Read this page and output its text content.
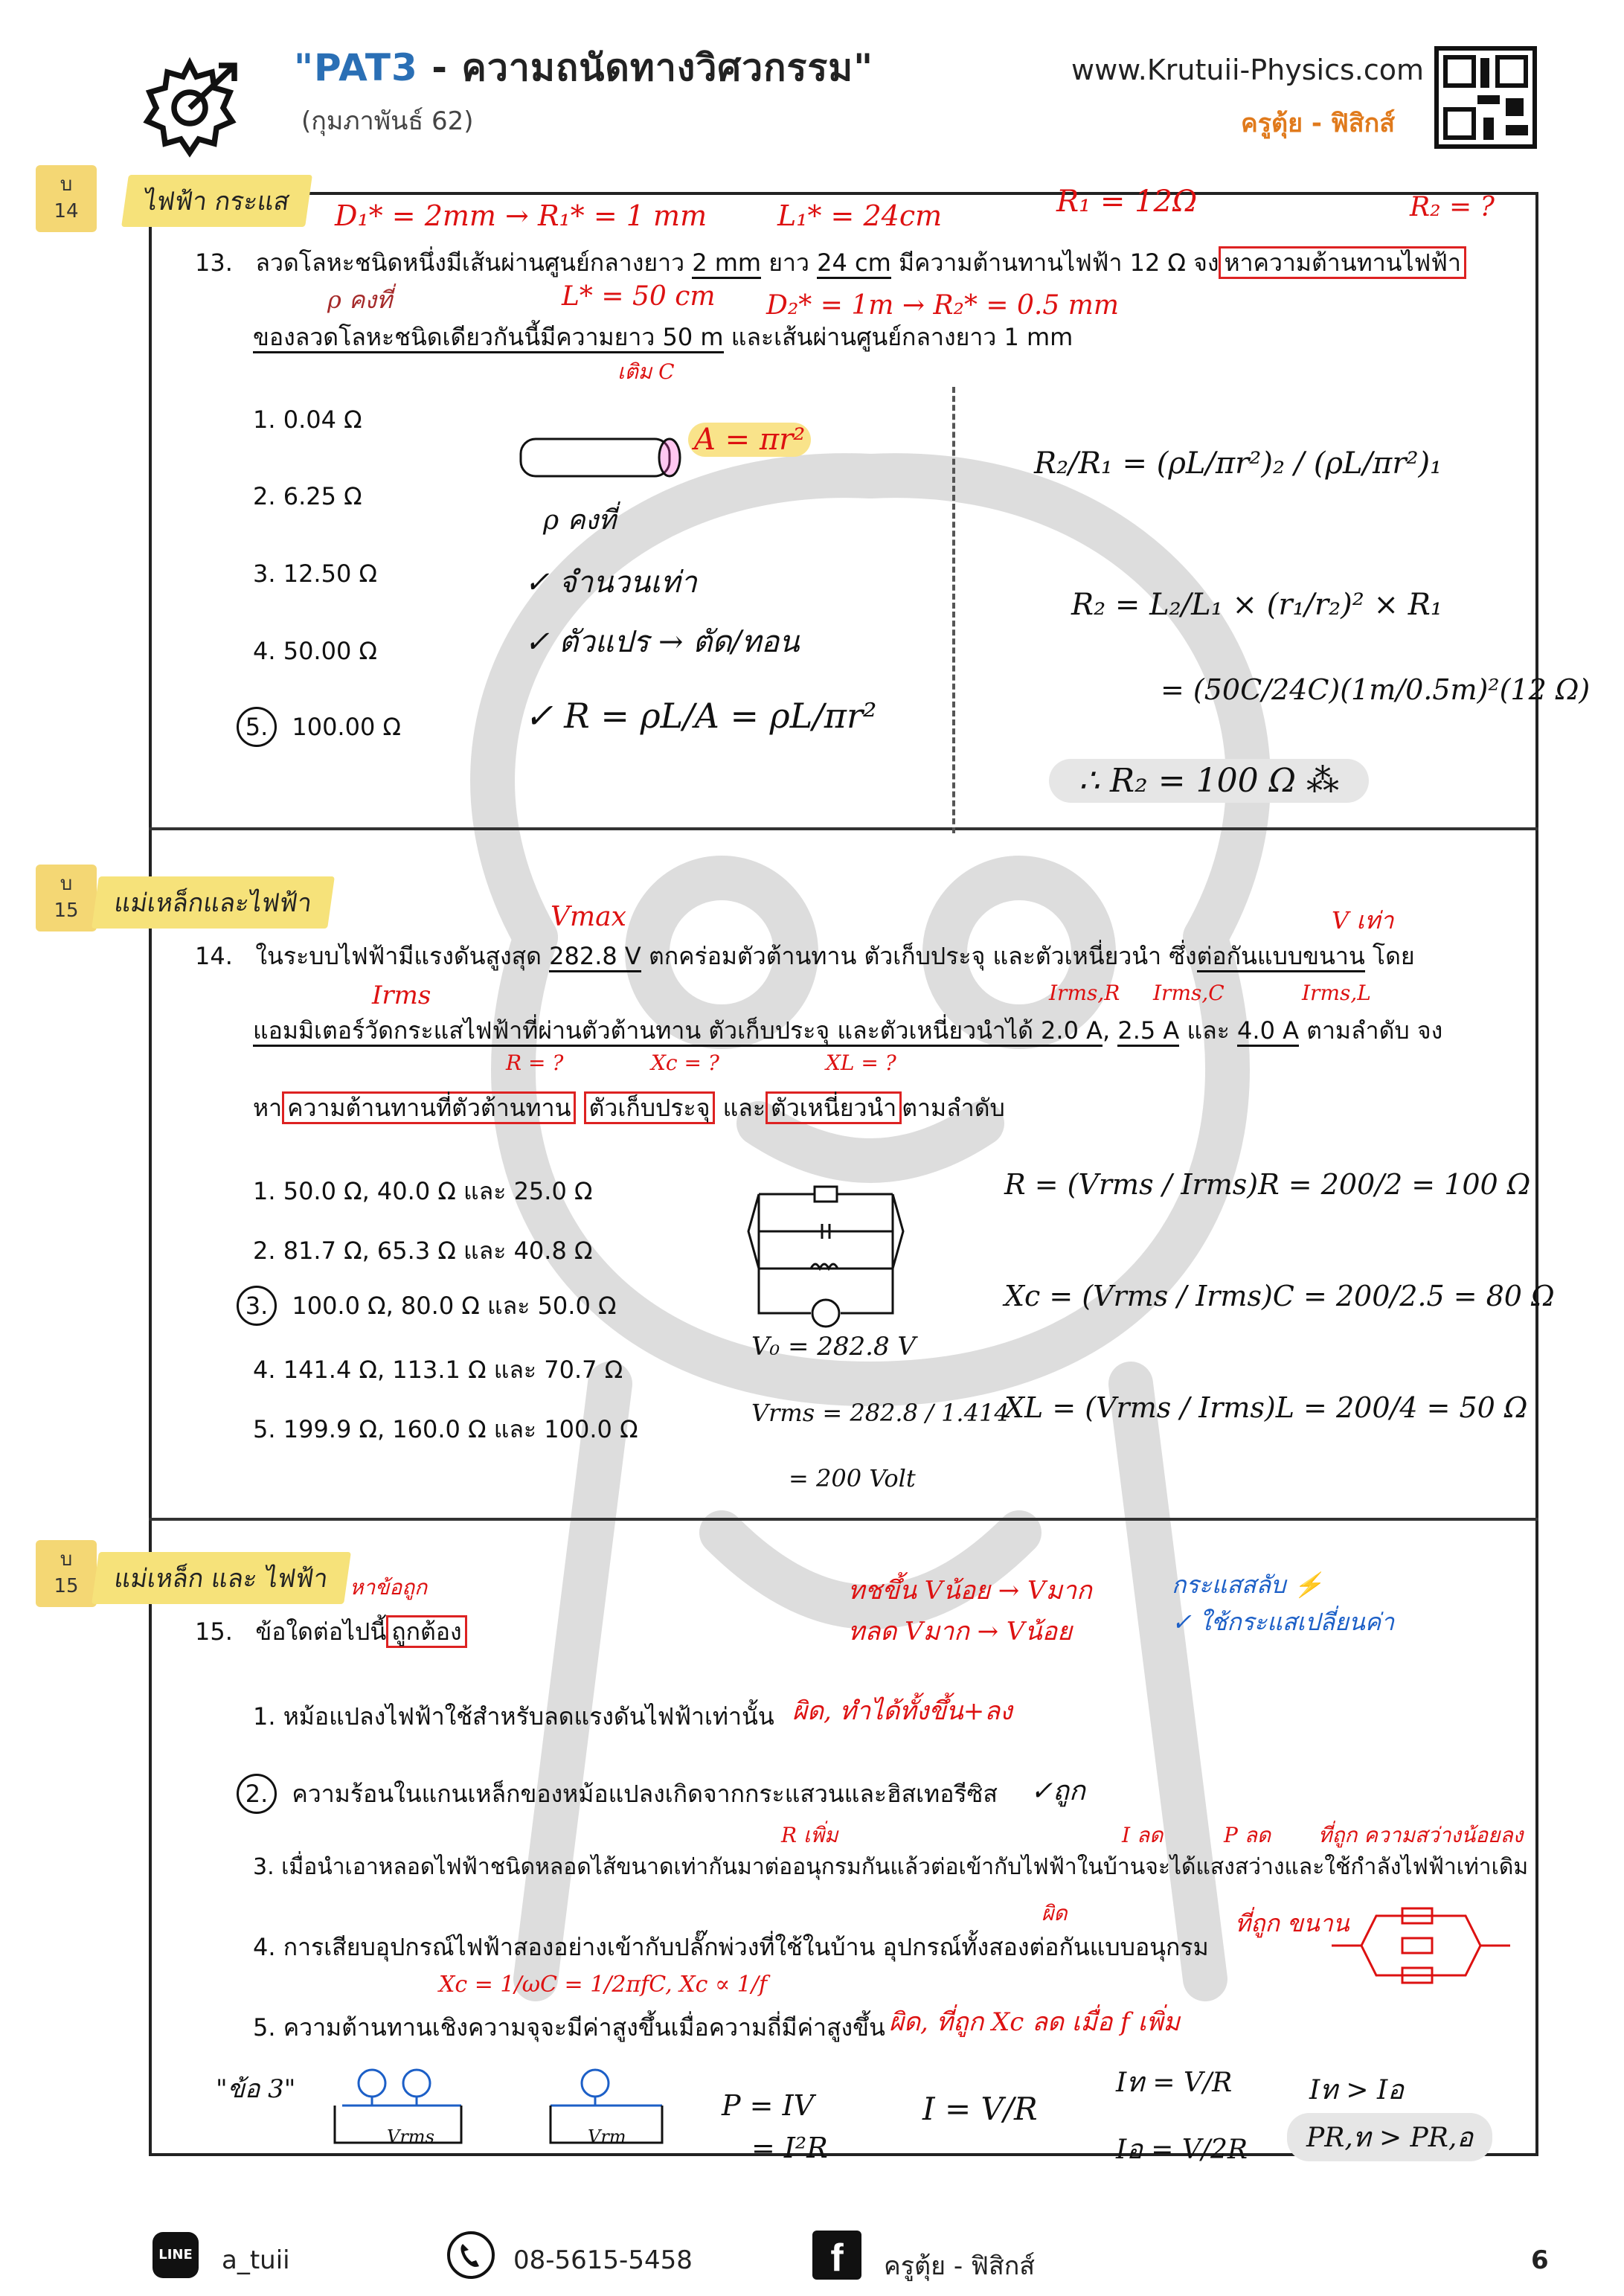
"PAT3 - ความถนัดทางวิศวกรรม"
(กุมภาพันธ์ 62)
www.Krutuii-Physics.com
ครูตุ้ย - ฟิสิกส์
บ
14	ไฟฟ้า กระแส
บ
15	แม่เหล็กและไฟฟ้า
บ
15	แม่เหล็ก และ ไฟฟ้า
D₁* = 2mm → R₁* = 1 mm L₁* = 24cm	R₁ = 12Ω	R₂ = ?
13. ลวดโลหะชนิดหนึ่งมีเส้นผ่านศูนย์กลางยาว 2 mm ยาว 24 cm มีความต้านทานไฟฟ้า 12 Ω จง หาความต้านทานไฟฟ้า
ρ คงที่	L* = 50 cm D₂* = 1m → R₂* = 0.5 mm
ของลวดโลหะชนิดเดียวกันนี้มีความยาว 50 m และเส้นผ่านศูนย์กลางยาว 1 mm
เติม C
1. 0.04 Ω
2. 6.25 Ω
3. 12.50 Ω
4. 50.00 Ω
5. 100.00 Ω
A = πr²
ρ คงที่
✓ จำนวนเท่า
✓ ตัวแปร → ตัด/ทอน
✓ R = ρL/A = ρL/πr²
R₂/R₁ = (ρL/πr²)₂ / (ρL/πr²)₁
R₂ = L₂/L₁ × (r₁/r₂)² × R₁
= (50C/24C)(1m/0.5m)²(12 Ω)
∴ R₂ = 100 Ω ⁂
Vmax	V เท่า
14. ในระบบไฟฟ้ามีแรงดันสูงสุด 282.8 V ตกคร่อมตัวต้านทาน ตัวเก็บประจุ และตัวเหนี่ยวนำ ซึ่งต่อกันแบบขนาน โดย
Irms	Irms,R Irms,C	Irms,L
แอมมิเตอร์วัดกระแสไฟฟ้าที่ผ่านตัวต้านทาน ตัวเก็บประจุ และตัวเหนี่ยวนำได้ 2.0 A, 2.5 A และ 4.0 A ตามลำดับ จง
R = ?	Xc = ?	XL = ?
หา ความต้านทานที่ตัวต้านทาน ตัวเก็บประจุ และ ตัวเหนี่ยวนำ ตามลำดับ
1. 50.0 Ω, 40.0 Ω และ 25.0 Ω
2. 81.7 Ω, 65.3 Ω และ 40.8 Ω
3. 100.0 Ω, 80.0 Ω และ 50.0 Ω
4. 141.4 Ω, 113.1 Ω และ 70.7 Ω
5. 199.9 Ω, 160.0 Ω และ 100.0 Ω
V₀ = 282.8 V
Vrms = 282.8 / 1.414
= 200 Volt
R = (Vrms / Irms)R = 200/2 = 100 Ω
Xc = (Vrms / Irms)C = 200/2.5 = 80 Ω
XL = (Vrms / Irms)L = 200/4 = 50 Ω
หาข้อถูก	ทชขึ้น Vน้อย → Vมาก
ทลด Vมาก → Vน้อย
กระแสสลับ ⚡
✓ ใช้กระแสเปลี่ยนค่า
15. ข้อใดต่อไปนี้ ถูกต้อง
1. หม้อแปลงไฟฟ้าใช้สำหรับลดแรงดันไฟฟ้าเท่านั้น ผิด, ทำได้ทั้งขึ้น+ลง
2. ความร้อนในแกนเหล็กของหม้อแปลงเกิดจากกระแสวนและฮิสเทอรีซิส ✓ถูก
R เพิ่ม	I ลด	P ลด ที่ถูก ความสว่างน้อยลง
3. เมื่อนำเอาหลอดไฟฟ้าชนิดหลอดไส้ขนาดเท่ากันมาต่ออนุกรมกันแล้วต่อเข้ากับไฟฟ้าในบ้านจะได้แสงสว่างและใช้กำลังไฟฟ้าเท่าเดิม
ผิด	ที่ถูก ขนาน
4. การเสียบอุปกรณ์ไฟฟ้าสองอย่างเข้ากับปลั๊กพ่วงที่ใช้ในบ้าน อุปกรณ์ทั้งสองต่อกันแบบอนุกรม
Xc = 1/ωC = 1/2πfC, Xc ∝ 1/f
5. ความต้านทานเชิงความจุจะมีค่าสูงขึ้นเมื่อความถี่มีค่าสูงขึ้น ผิด, ที่ถูก Xc ลด เมื่อ f เพิ่ม
"ข้อ 3"
Vrms	Vrm
P = IV
= I²R
I = V/R
Iท = V/R
Iอ = V/2R
Iท > Iอ
PR,ท > PR,อ
LINE a_tuii	08-5615-5458	f	ครูตุ้ย - ฟิสิกส์	6
